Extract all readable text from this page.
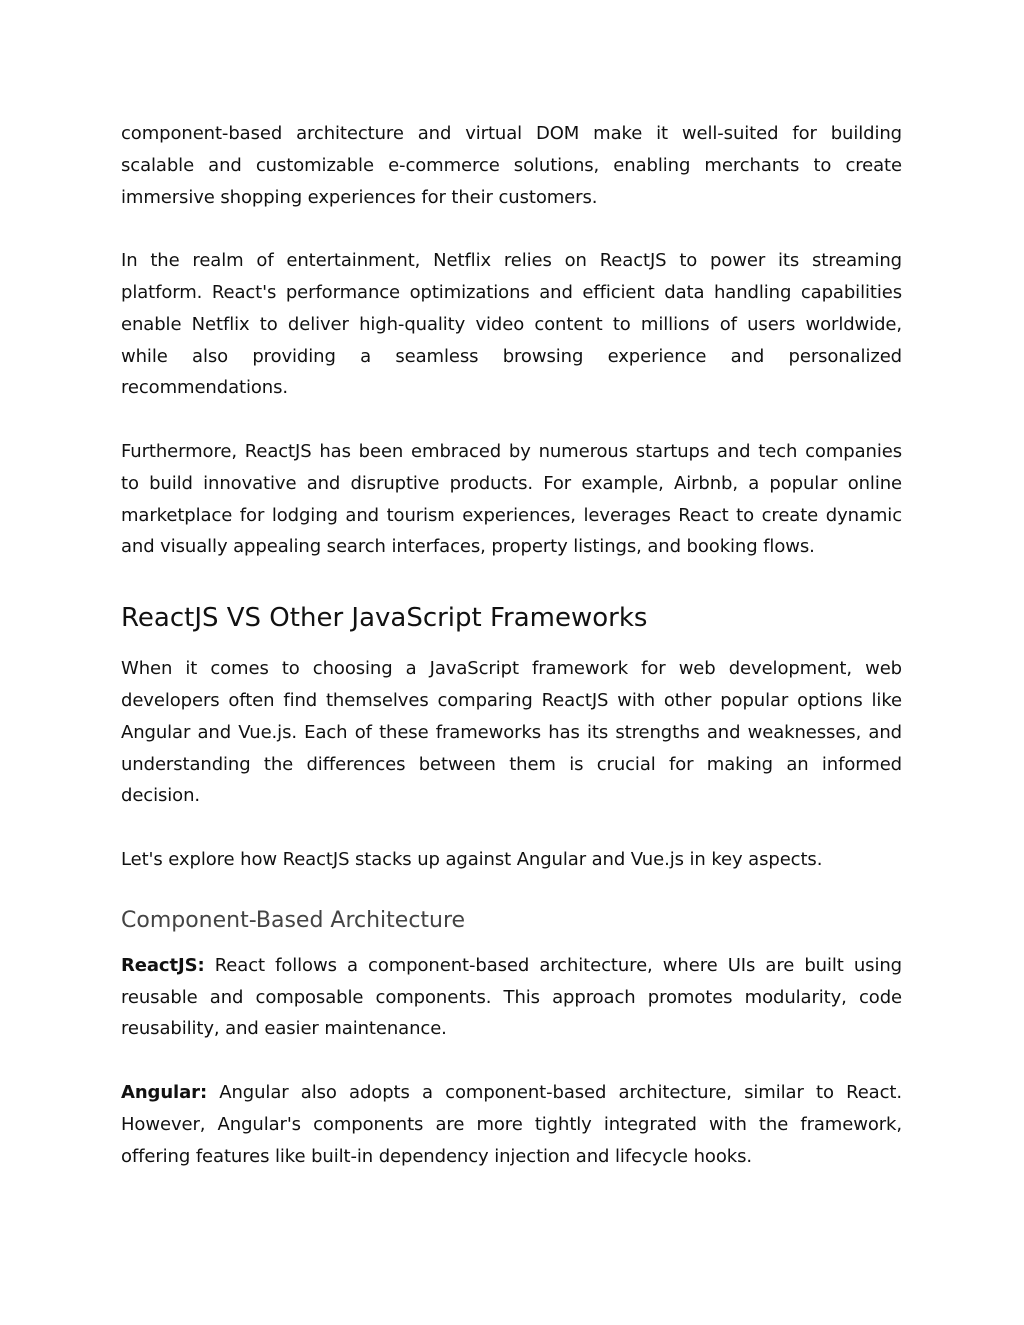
component-based architecture and virtual DOM make it well-suited for building scalable and customizable e-commerce solutions, enabling merchants to create immersive shopping experiences for their customers.

In the realm of entertainment, Netflix relies on ReactJS to power its streaming platform. React's performance optimizations and efficient data handling capabilities enable Netflix to deliver high-quality video content to millions of users worldwide, while also providing a seamless browsing experience and personalized recommendations.

Furthermore, ReactJS has been embraced by numerous startups and tech companies to build innovative and disruptive products. For example, Airbnb, a popular online marketplace for lodging and tourism experiences, leverages React to create dynamic and visually appealing search interfaces, property listings, and booking flows.

ReactJS VS Other JavaScript Frameworks

When it comes to choosing a JavaScript framework for web development, web developers often find themselves comparing ReactJS with other popular options like Angular and Vue.js. Each of these frameworks has its strengths and weaknesses, and understanding the differences between them is crucial for making an informed decision.

Let's explore how ReactJS stacks up against Angular and Vue.js in key aspects.

Component-Based Architecture

ReactJS: React follows a component-based architecture, where UIs are built using reusable and composable components. This approach promotes modularity, code reusability, and easier maintenance.

Angular: Angular also adopts a component-based architecture, similar to React. However, Angular's components are more tightly integrated with the framework, offering features like built-in dependency injection and lifecycle hooks.
